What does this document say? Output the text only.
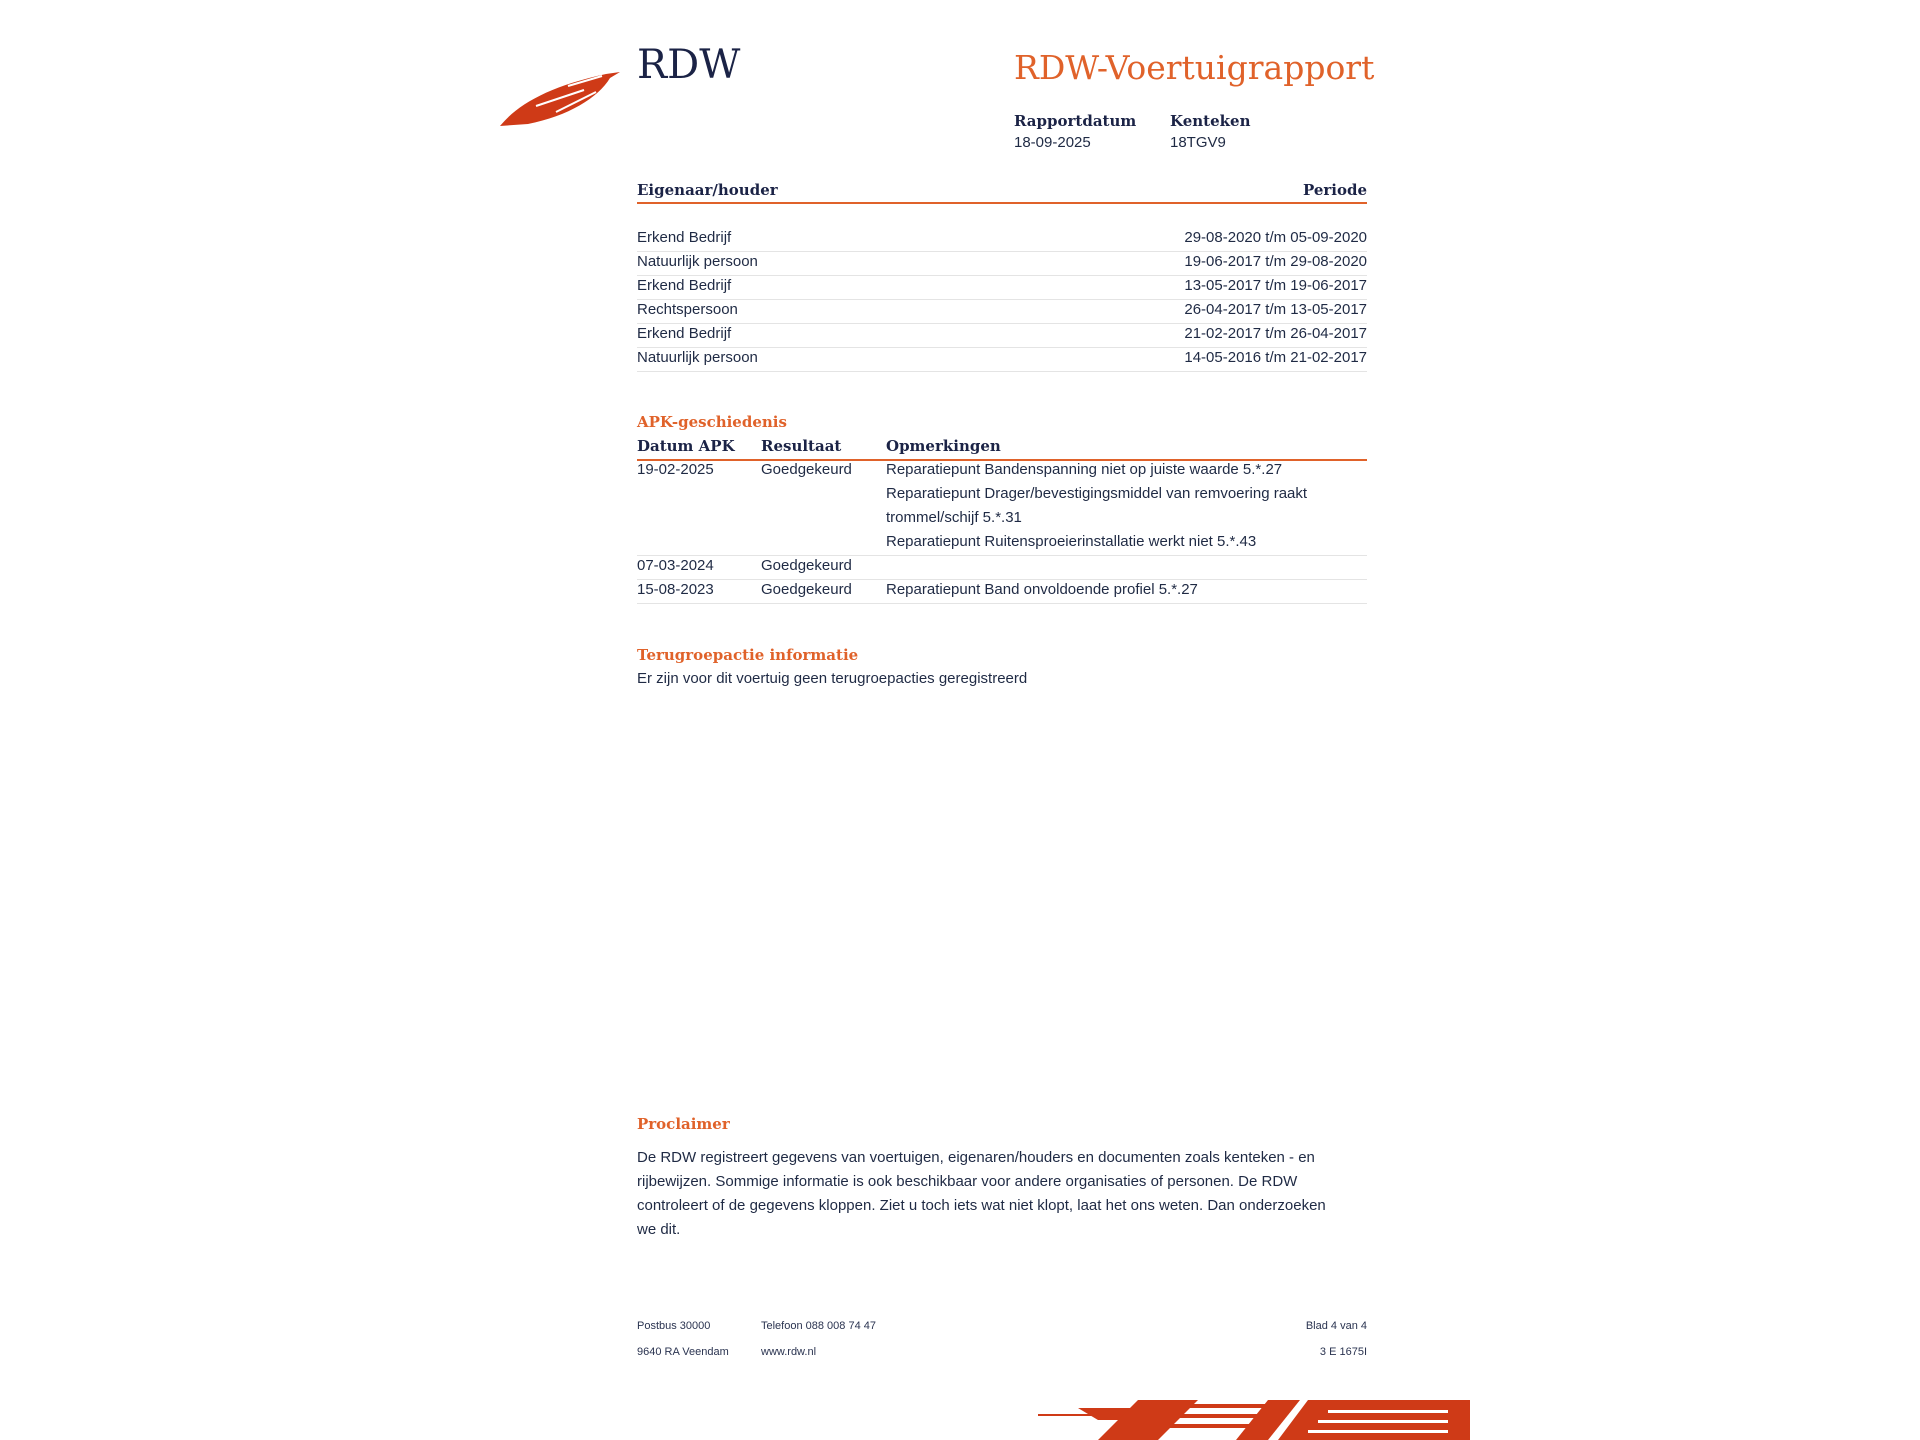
RDW	RDW-Voertuigrapport
Rapportdatum
18-09-2025
Kenteken
18TGV9
Eigenaar/houder	Periode
Erkend Bedrijf	29-08-2020 t/m 05-09-2020
Natuurlijk persoon	19-06-2017 t/m 29-08-2020
Erkend Bedrijf	13-05-2017 t/m 19-06-2017
Rechtspersoon	26-04-2017 t/m 13-05-2017
Erkend Bedrijf	21-02-2017 t/m 26-04-2017
Natuurlijk persoon	14-05-2016 t/m 21-02-2017
APK-geschiedenis
Datum APK Resultaat	Opmerkingen
19-02-2025	Goedgekeurd Reparatiepunt Bandenspanning niet op juiste waarde 5.*.27
Reparatiepunt Drager/bevestigingsmiddel van remvoering raakt
trommel/schijf 5.*.31
Reparatiepunt Ruitensproeierinstallatie werkt niet 5.*.43
07-03-2024	Goedgekeurd
15-08-2023	Goedgekeurd Reparatiepunt Band onvoldoende profiel 5.*.27
Terugroepactie informatie
Er zijn voor dit voertuig geen terugroepacties geregistreerd
Proclaimer
De RDW registreert gegevens van voertuigen, eigenaren/houders en documenten zoals kenteken - en
rijbewijzen. Sommige informatie is ook beschikbaar voor andere organisaties of personen. De RDW
controleert of de gegevens kloppen. Ziet u toch iets wat niet klopt, laat het ons weten. Dan onderzoeken
we dit.
Postbus 30000
9640 RA Veendam
Telefoon 088 008 74 47
www.rdw.nl
Blad 4 van 4
3 E 1675I
